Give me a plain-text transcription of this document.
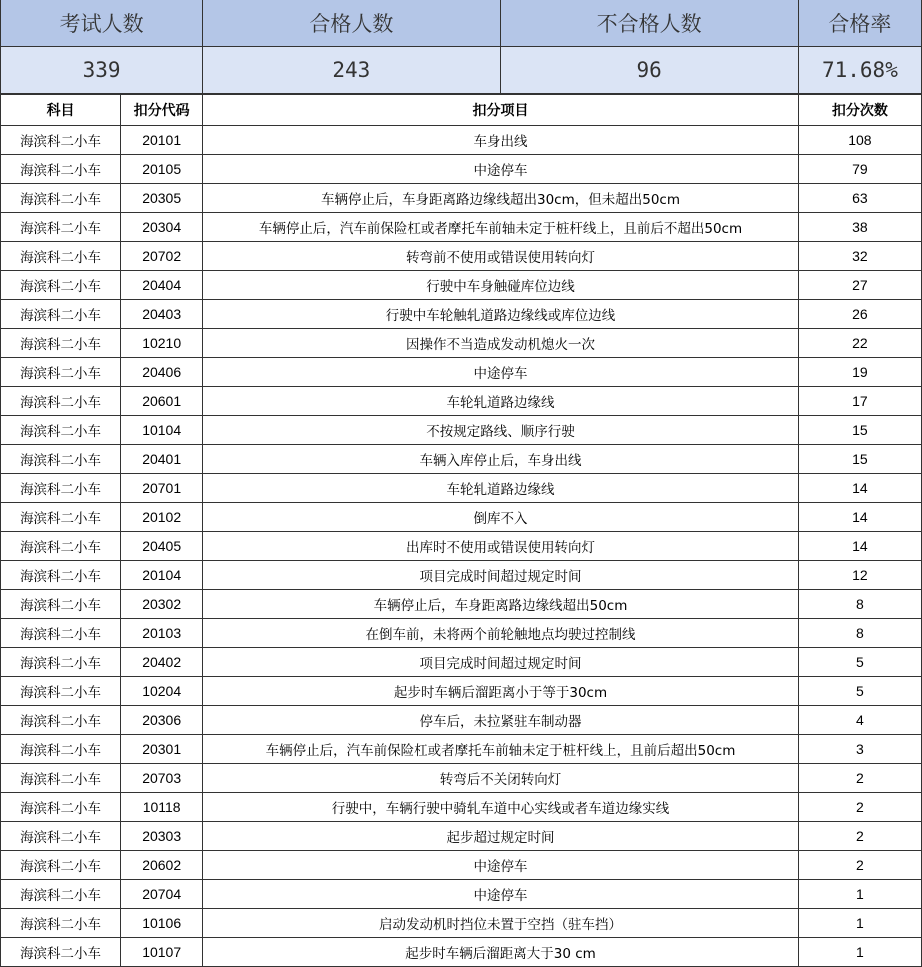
考试人数		合格人数	不合格人数	合格率
339		243	96	71.68%
科目	扣分代码	扣分项目		扣分次数
海滨科二小车	20101	车身出线		108
海滨科二小车	20105	中途停车		79
海滨科二小车	20305	车辆停止后，车身距离路边缘线超出30cm，但未超出50cm		63
海滨科二小车	20304	车辆停止后，汽车前保险杠或者摩托车前轴未定于桩杆线上，且前后不超出50cm		38
海滨科二小车	20702	转弯前不使用或错误使用转向灯		32
海滨科二小车	20404	行驶中车身触碰库位边线		27
海滨科二小车	20403	行驶中车轮触轧道路边缘线或库位边线		26
海滨科二小车	10210	因操作不当造成发动机熄火一次		22
海滨科二小车	20406	中途停车		19
海滨科二小车	20601	车轮轧道路边缘线		17
海滨科二小车	10104	不按规定路线、顺序行驶		15
海滨科二小车	20401	车辆入库停止后，车身出线		15
海滨科二小车	20701	车轮轧道路边缘线		14
海滨科二小车	20102	倒库不入		14
海滨科二小车	20405	出库时不使用或错误使用转向灯		14
海滨科二小车	20104	项目完成时间超过规定时间		12
海滨科二小车	20302	车辆停止后，车身距离路边缘线超出50cm		8
海滨科二小车	20103	在倒车前，未将两个前轮触地点均驶过控制线		8
海滨科二小车	20402	项目完成时间超过规定时间		5
海滨科二小车	10204	起步时车辆后溜距离小于等于30cm		5
海滨科二小车	20306	停车后，未拉紧驻车制动器		4
海滨科二小车	20301	车辆停止后，汽车前保险杠或者摩托车前轴未定于桩杆线上，且前后超出50cm		3
海滨科二小车	20703	转弯后不关闭转向灯		2
海滨科二小车	10118	行驶中，车辆行驶中骑轧车道中心实线或者车道边缘实线		2
海滨科二小车	20303	起步超过规定时间		2
海滨科二小车	20602	中途停车		2
海滨科二小车	20704	中途停车		1
海滨科二小车	10106	启动发动机时挡位未置于空挡（驻车挡）		1
海滨科二小车	10107	起步时车辆后溜距离大于30 cm		1
